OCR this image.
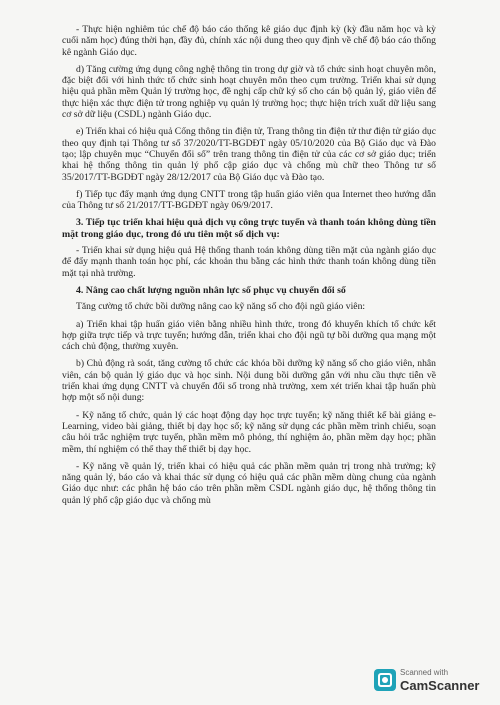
- Thực hiện nghiêm túc chế độ báo cáo thống kê giáo dục định kỳ (kỳ đầu năm học và kỳ cuối năm học) đúng thời hạn, đầy đủ, chính xác nội dung theo quy định về chế độ báo cáo thống kê ngành Giáo dục.

d) Tăng cường ứng dụng công nghệ thông tin trong dự giờ và tổ chức sinh hoạt chuyên môn, đặc biệt đổi với hình thức tổ chức sinh hoạt chuyên môn theo cụm trường. Triển khai sử dụng hiệu quả phần mềm Quản lý trường học, đề nghị cấp chữ ký số cho cán bộ quản lý, giáo viên để thực hiện xác thực điện tử trong nghiệp vụ quản lý trường học; thực hiện trích xuất dữ liệu sang cơ sở dữ liệu (CSDL) ngành Giáo dục.

e) Triển khai có hiệu quả Cổng thông tin điện tử, Trang thông tin điện tử thư điện tử giáo dục theo quy định tại Thông tư số 37/2020/TT-BGDĐT ngày 05/10/2020 của Bộ Giáo dục và Đào tạo; lập chuyên mục “Chuyển đổi số” trên trang thông tin điện tử của các cơ sở giáo dục; triển khai hệ thống thông tin quản lý phổ cập giáo dục và chống mù chữ theo Thông tư số 35/2017/TT-BGDĐT ngày 28/12/2017 của Bộ Giáo dục và Đào tạo.

f) Tiếp tục đẩy mạnh ứng dụng CNTT trong tập huấn giáo viên qua Internet theo hướng dẫn của Thông tư số 21/2017/TT-BGDĐT ngày 06/9/2017.

3. Tiếp tục triển khai hiệu quả dịch vụ công trực tuyến và thanh toán không dùng tiền mặt trong giáo dục, trong đó ưu tiên một số dịch vụ:

- Triển khai sử dụng hiệu quả Hệ thống thanh toán không dùng tiền mặt của ngành giáo dục để đẩy mạnh thanh toán học phí, các khoản thu bằng các hình thức thanh toán không dùng tiền mặt tại nhà trường.

4. Nâng cao chất lượng nguồn nhân lực số phục vụ chuyển đổi số

Tăng cường tổ chức bồi dưỡng nâng cao kỹ năng số cho đội ngũ giáo viên:

a) Triển khai tập huấn giáo viên bằng nhiều hình thức, trong đó khuyến khích tổ chức kết hợp giữa trực tiếp và trực tuyến; hướng dẫn, triển khai cho đội ngũ tự bồi dưỡng qua mạng một cách chủ động, thường xuyên.

b) Chủ động rà soát, tăng cường tổ chức các khóa bồi dưỡng kỹ năng số cho giáo viên, nhân viên, cán bộ quản lý giáo dục và học sinh. Nội dung bồi dưỡng gắn với nhu cầu thực tiễn về triển khai ứng dụng CNTT và chuyển đổi số trong nhà trường, xem xét triển khai tập huấn phù hợp một số nội dung:

- Kỹ năng tổ chức, quản lý các hoạt động dạy học trực tuyến; kỹ năng thiết kế bài giảng e-Learning, video bài giảng, thiết bị dạy học số; kỹ năng sử dụng các phần mềm trình chiếu, soạn câu hỏi trắc nghiệm trực tuyến, phần mềm mô phỏng, thí nghiệm ảo, phần mềm dạy học; phần mềm, thí nghiệm có thể thay thế thiết bị dạy học.

- Kỹ năng về quản lý, triển khai có hiệu quả các phần mềm quản trị trong nhà trường; kỹ năng quản lý, báo cáo và khai thác sử dụng có hiệu quả các phần mềm dùng chung của ngành Giáo dục như: các phân hệ báo cáo trên phần mềm CSDL ngành giáo dục, hệ thống thông tin quản lý phổ cập giáo dục và chống mù

Scanned with
CamScanner
